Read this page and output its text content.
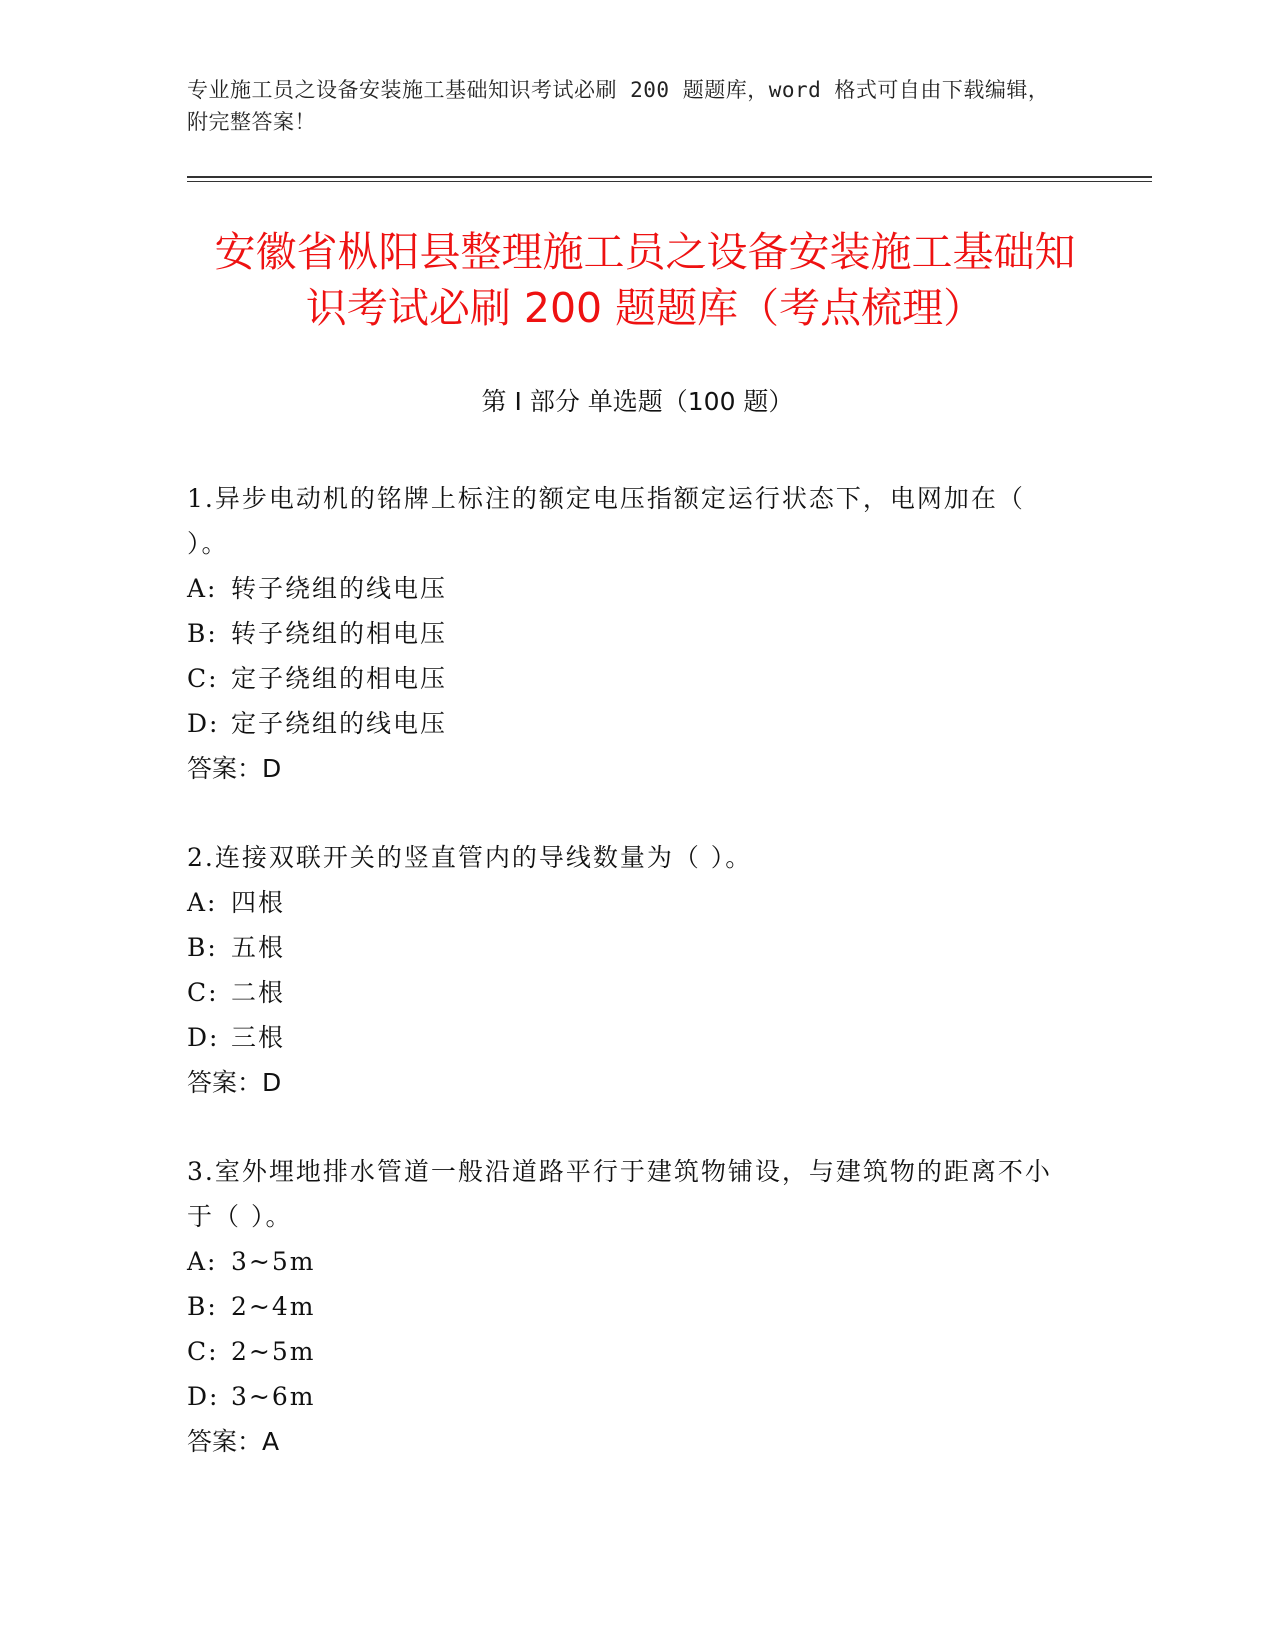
专业施工员之设备安装施工基础知识考试必刷 200 题题库，word 格式可自由下载编辑，附完整答案！
安徽省枞阳县整理施工员之设备安装施工基础知识考试必刷 200 题题库（考点梳理）
第 I 部分 单选题（100 题）
1.异步电动机的铭牌上标注的额定电压指额定运行状态下，电网加在（ ）。
A: 转子绕组的线电压
B: 转子绕组的相电压
C: 定子绕组的相电压
D: 定子绕组的线电压
答案：D
2.连接双联开关的竖直管内的导线数量为（ ）。
A: 四根
B: 五根
C: 二根
D: 三根
答案：D
3.室外埋地排水管道一般沿道路平行于建筑物铺设，与建筑物的距离不小于（ ）。
A: 3~5m
B: 2~4m
C: 2~5m
D: 3~6m
答案：A
